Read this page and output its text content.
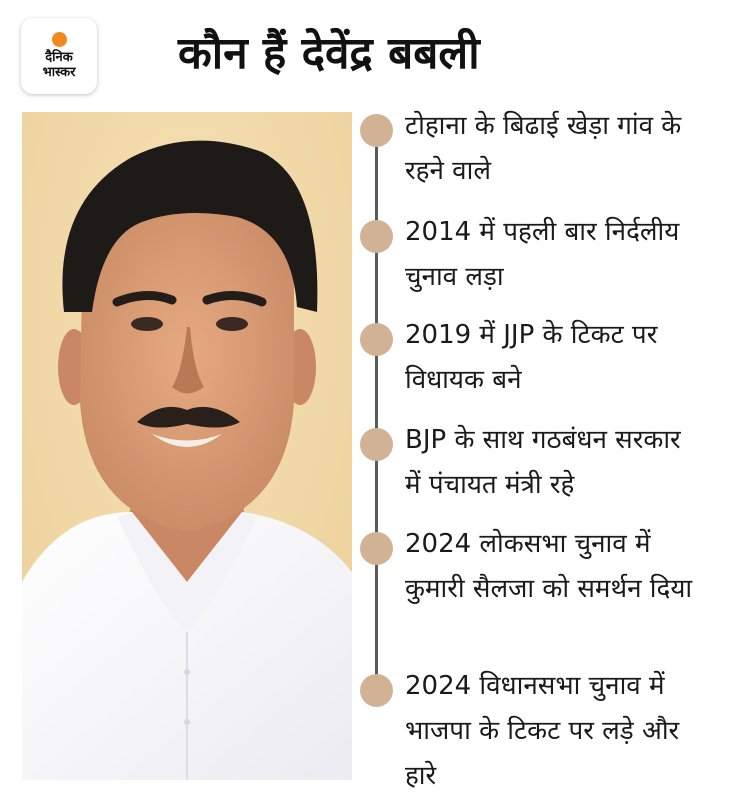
दैनिक
भास्कर कौन हैं देवेंद्र बबली
टोहाना के बिढाई खेड़ा गांव के रहने वाले
2014 में पहली बार निर्दलीय चुनाव लड़ा
2019 में JJP के टिकट पर विधायक बने
BJP के साथ गठबंधन सरकार में पंचायत मंत्री रहे
2024 लोकसभा चुनाव में कुमारी सैलजा को समर्थन दिया
2024 विधानसभा चुनाव में भाजपा के टिकट पर लड़े और हारे
